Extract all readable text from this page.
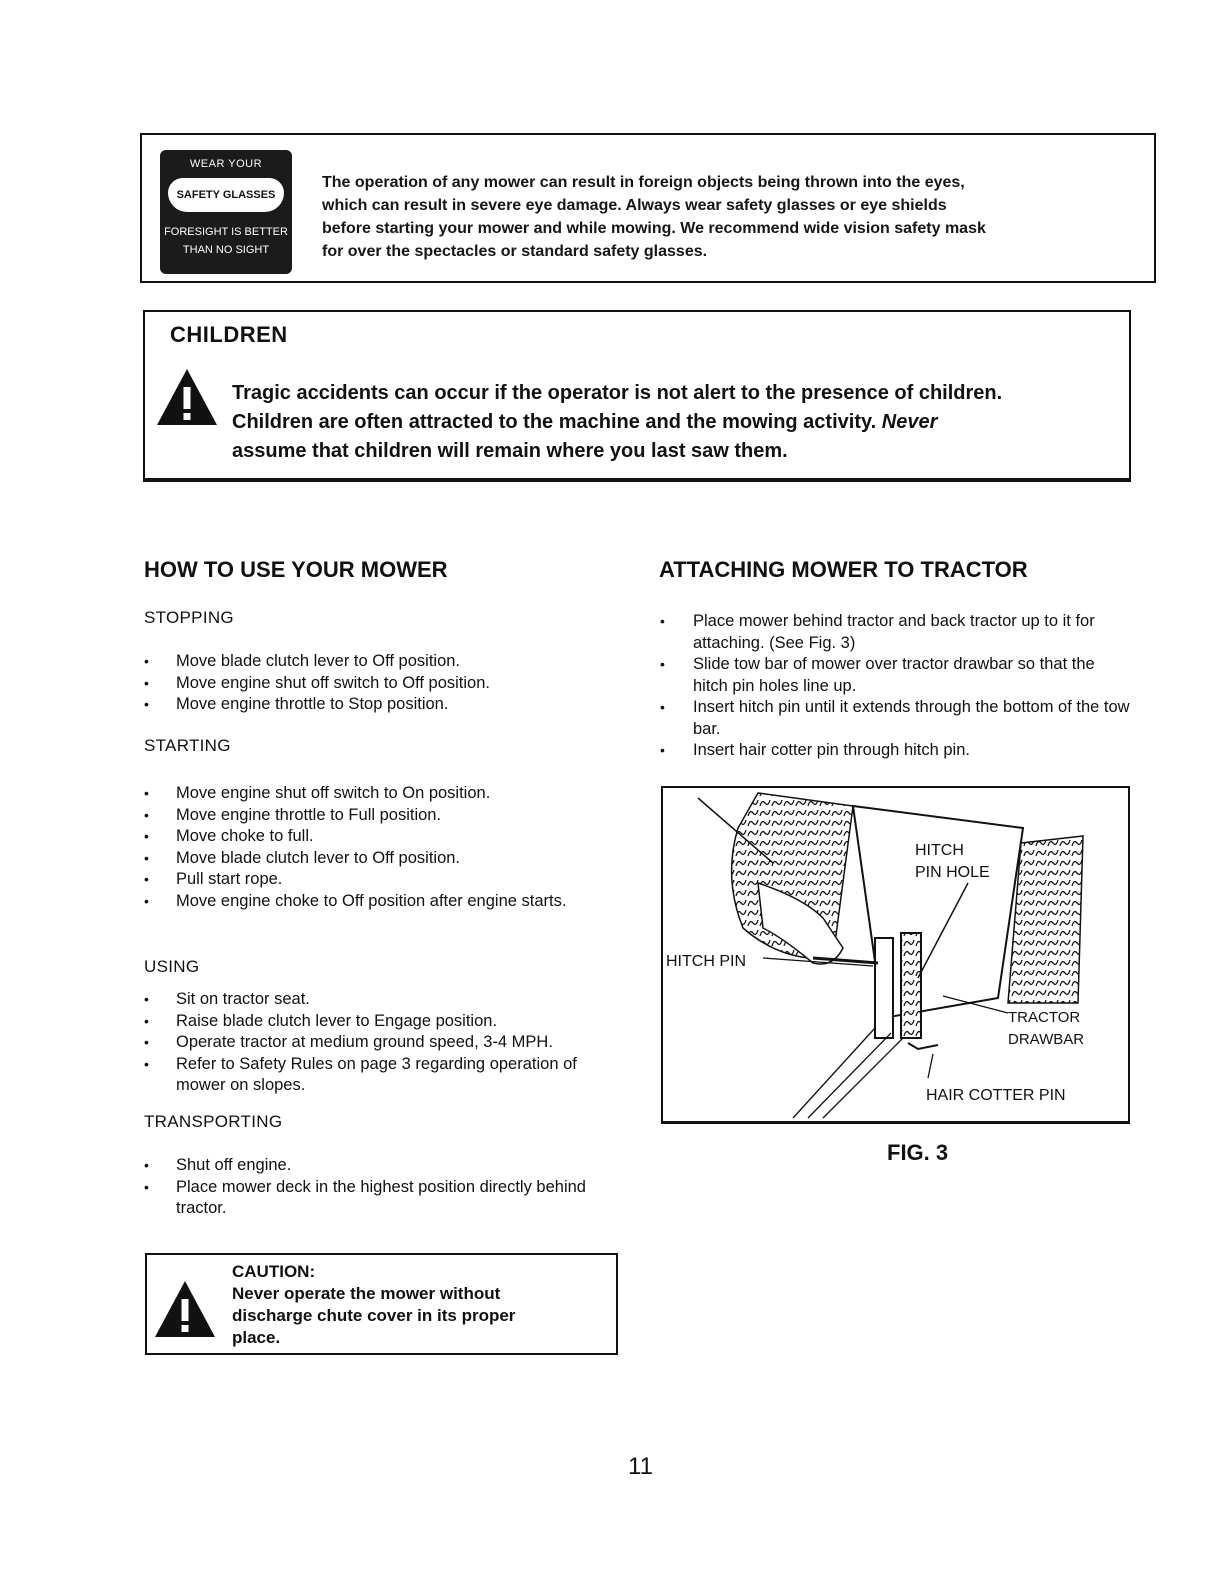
WEAR YOUR
SAFETY GLASSES
FORESIGHT IS BETTER
THAN NO SIGHT
The operation of any mower can result in foreign objects being thrown into the eyes,
which can result in severe eye damage. Always wear safety glasses or eye shields
before starting your mower and while mowing. We recommend wide vision safety mask
for over the spectacles or standard safety glasses.
CHILDREN
Tragic accidents can occur if the operator is not alert to the presence of children.
Children are often attracted to the machine and the mowing activity. Never
assume that children will remain where you last saw them.
HOW TO USE YOUR MOWER
STOPPING
• Move blade clutch lever to Off position.
• Move engine shut off switch to Off position.
• Move engine throttle to Stop position.
STARTING
• Move engine shut off switch to On position.
• Move engine throttle to Full position.
• Move choke to full.
• Move blade clutch lever to Off position.
• Pull start rope.
• Move engine choke to Off position after engine starts.
USING
• Sit on tractor seat.
• Raise blade clutch lever to Engage position.
• Operate tractor at medium ground speed, 3-4 MPH.
• Refer to Safety Rules on page 3 regarding operation of mower on slopes.
TRANSPORTING
• Shut off engine.
• Place mower deck in the highest position directly behind tractor.
CAUTION:
Never operate the mower without
discharge chute cover in its proper
place.
ATTACHING MOWER TO TRACTOR
• Place mower behind tractor and back tractor up to it for attaching. (See Fig. 3)
• Slide tow bar of mower over tractor drawbar so that the hitch pin holes line up.
• Insert hitch pin until it extends through the bottom of the tow bar.
• Insert hair cotter pin through hitch pin.
HITCH
PIN HOLE
HITCH PIN
TRACTOR
DRAWBAR
HAIR COTTER PIN
FIG. 3
11
